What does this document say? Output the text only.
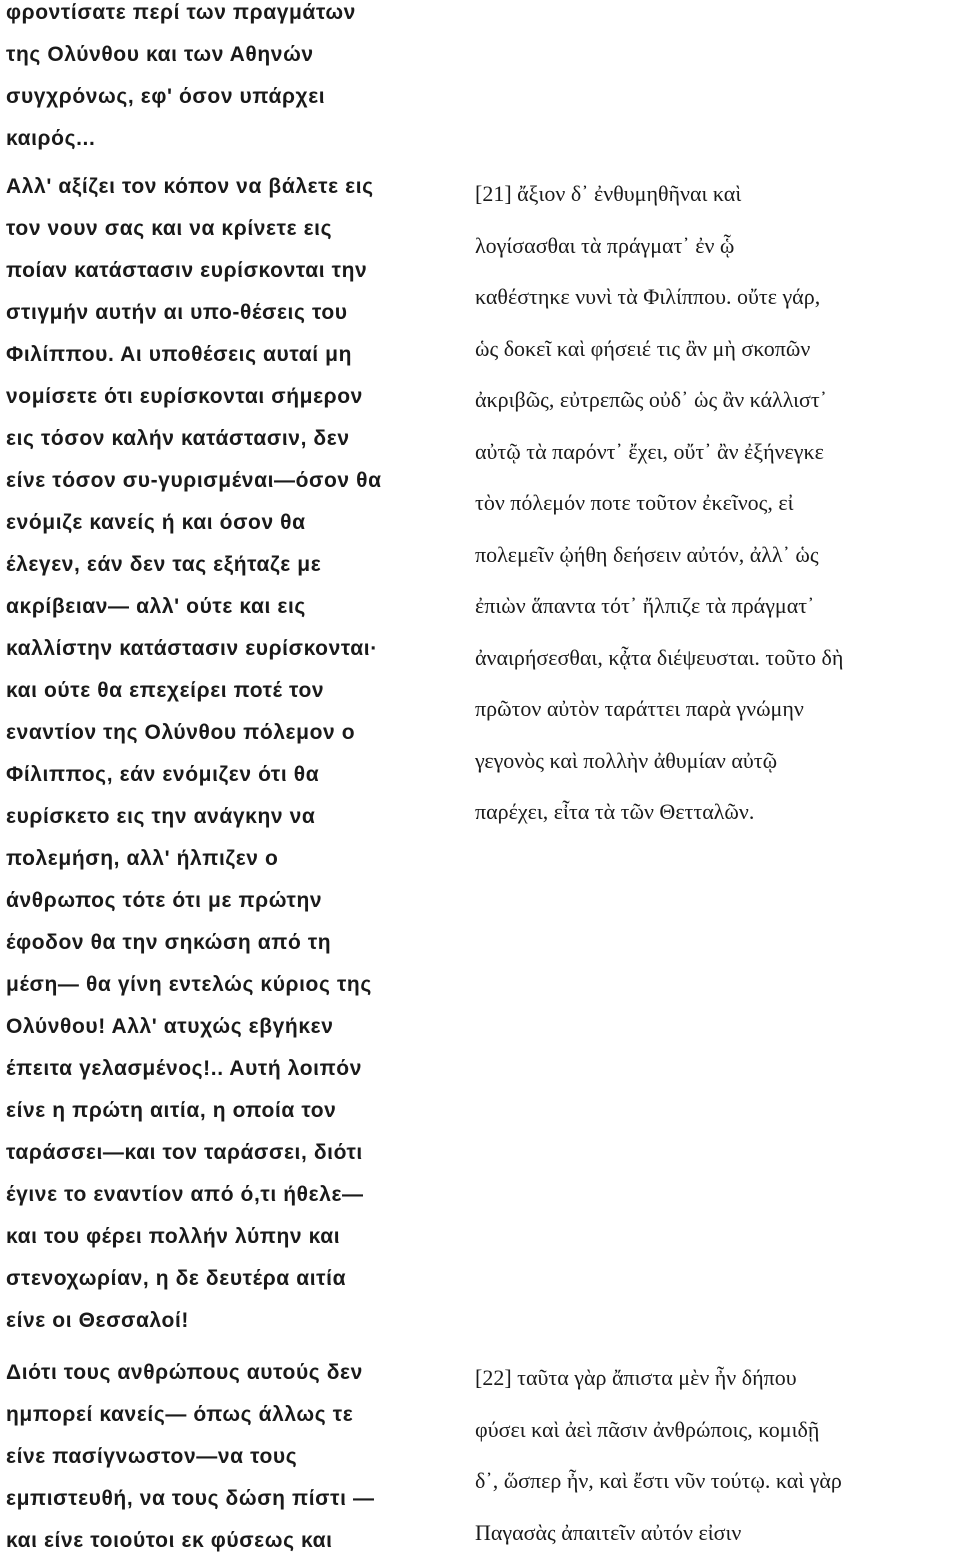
φροντίσατε περί των πραγμάτων
της Ολύνθου και των Αθηνών
συγχρόνως, εφ' όσον υπάρχει
καιρός...
Αλλ' αξίζει τον κόπον να βάλετε εις
τον νουν σας και να κρίνετε εις
ποίαν κατάστασιν ευρίσκονται την
στιγμήν αυτήν αι υπο-θέσεις του
Φιλίππου. Αι υποθέσεις αυταί μη
νομίσετε ότι ευρίσκονται σήμερον
εις τόσον καλήν κατάστασιν, δεν
είνε τόσον συ-γυρισμέναι—όσον θα
ενόμιζε κανείς ή και όσον θα
έλεγεν, εάν δεν τας εξήταζε με
ακρίβειαν— αλλ' ούτε και εις
καλλίστην κατάστασιν ευρίσκονται·
και ούτε θα επεχείρει ποτέ τον
εναντίον της Ολύνθου πόλεμον ο
Φίλιππος, εάν ενόμιζεν ότι θα
ευρίσκετο εις την ανάγκην να
πολεμήση, αλλ' ήλπιζεν ο
άνθρωπος τότε ότι με πρώτην
έφοδον θα την σηκώση από τη
μέση— θα γίνη εντελώς κύριος της
Ολύνθου! Αλλ' ατυχώς εβγήκεν
έπειτα γελασμένος!.. Αυτή λοιπόν
είνε η πρώτη αιτία, η οποία τον
ταράσσει—και τον ταράσσει, διότι
έγινε το εναντίον από ό,τι ήθελε—
και του φέρει πολλήν λύπην και
στενοχωρίαν, η δε δευτέρα αιτία
είνε οι Θεσσαλοί!
Διότι τους ανθρώπους αυτούς δεν
ημπορεί κανείς— όπως άλλως τε
είνε πασίγνωστον—να τους
εμπιστευθή, να τους δώση πίστι —
και είνε τοιούτοι εκ φύσεως και
[21] ἄξιον δ᾽ ἐνθυμηθῆναι καὶ
λογίσασθαι τὰ πράγματ᾽ ἐν ᾧ
καθέστηκε νυνὶ τὰ Φιλίππου. οὔτε γάρ,
ὡς δοκεῖ καὶ φήσειέ τις ἂν μὴ σκοπῶν
ἀκριβῶς, εὐτρεπῶς οὐδ᾽ ὡς ἂν κάλλιστ᾽
αὐτῷ τὰ παρόντ᾽ ἔχει, οὔτ᾽ ἂν ἐξήνεγκε
τὸν πόλεμόν ποτε τοῦτον ἐκεῖνος, εἰ
πολεμεῖν ᾠήθη δεήσειν αὐτόν, ἀλλ᾽ ὡς
ἐπιὼν ἅπαντα τότ᾽ ἤλπιζε τὰ πράγματ᾽
ἀναιρήσεσθαι, κᾆτα διέψευσται. τοῦτο δὴ
πρῶτον αὐτὸν ταράττει παρὰ γνώμην
γεγονὸς καὶ πολλὴν ἀθυμίαν αὐτῷ
παρέχει, εἶτα τὰ τῶν Θετταλῶν.
[22] ταῦτα γὰρ ἄπιστα μὲν ἦν δήπου
φύσει καὶ ἀεὶ πᾶσιν ἀνθρώποις, κομιδῇ
δ᾽, ὥσπερ ἦν, καὶ ἔστι νῦν τούτῳ. καὶ γὰρ
Παγασὰς ἀπαιτεῖν αὐτόν εἰσιν
